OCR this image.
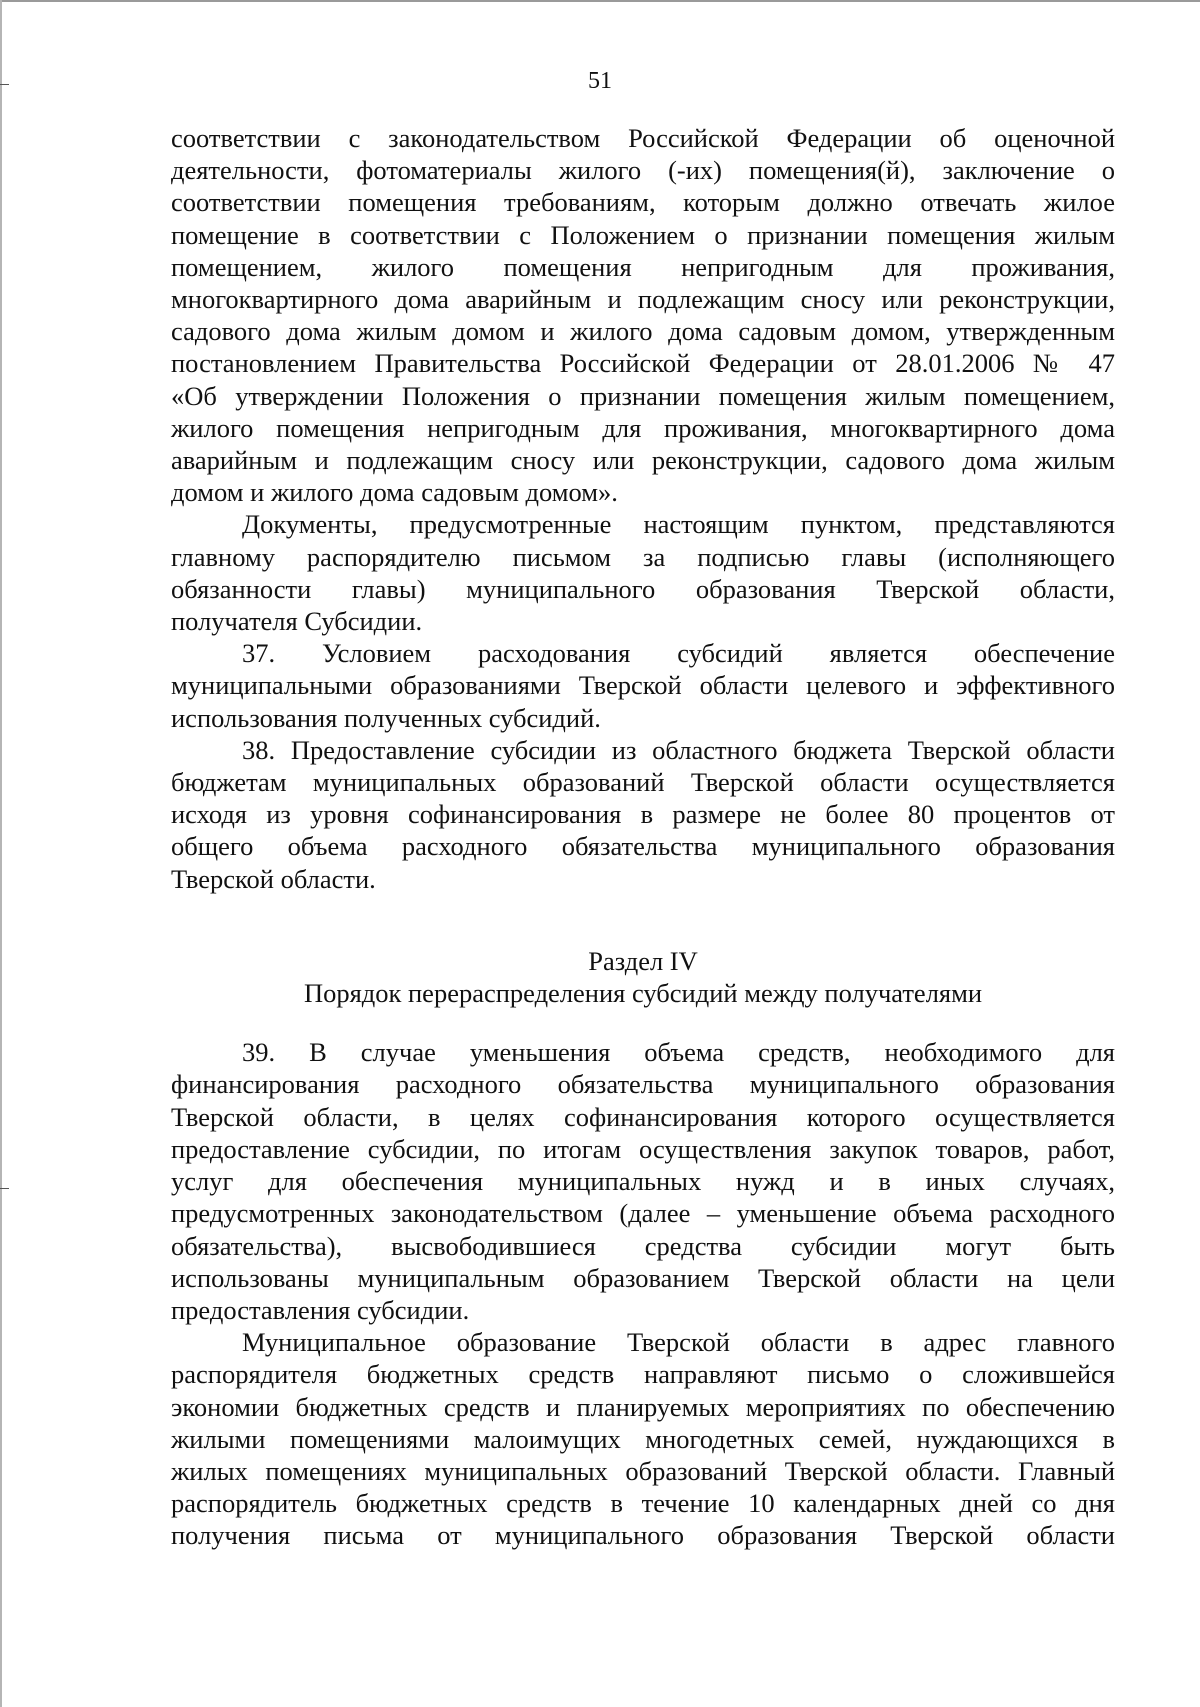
51

соответствии с законодательством Российской Федерации об оценочной
деятельности, фотоматериалы жилого (-их) помещения(й), заключение о
соответствии помещения требованиям, которым должно отвечать жилое
помещение в соответствии с Положением о признании помещения жилым
помещением, жилого помещения непригодным для проживания,
многоквартирного дома аварийным и подлежащим сносу или реконструкции,
садового дома жилым домом и жилого дома садовым домом, утвержденным
постановлением Правительства Российской Федерации от 28.01.2006 № 47
«Об утверждении Положения о признании помещения жилым помещением,
жилого помещения непригодным для проживания, многоквартирного дома
аварийным и подлежащим сносу или реконструкции, садового дома жилым
домом и жилого дома садовым домом».

Документы, предусмотренные настоящим пунктом, представляются
главному распорядителю письмом за подписью главы (исполняющего
обязанности главы) муниципального образования Тверской области,
получателя Субсидии.

37. Условием расходования субсидий является обеспечение
муниципальными образованиями Тверской области целевого и эффективного
использования полученных субсидий.

38. Предоставление субсидии из областного бюджета Тверской области
бюджетам муниципальных образований Тверской области осуществляется
исходя из уровня софинансирования в размере не более 80 процентов от
общего объема расходного обязательства муниципального образования
Тверской области.

Раздел IV

Порядок перераспределения субсидий между получателями

39. В случае уменьшения объема средств, необходимого для
финансирования расходного обязательства муниципального образования
Тверской области, в целях софинансирования которого осуществляется
предоставление субсидии, по итогам осуществления закупок товаров, работ,
услуг для обеспечения муниципальных нужд и в иных случаях,
предусмотренных законодательством (далее – уменьшение объема расходного
обязательства), высвободившиеся средства субсидии могут быть
использованы муниципальным образованием Тверской области на цели
предоставления субсидии.

Муниципальное образование Тверской области в адрес главного
распорядителя бюджетных средств направляют письмо о сложившейся
экономии бюджетных средств и планируемых мероприятиях по обеспечению
жилыми помещениями малоимущих многодетных семей, нуждающихся в
жилых помещениях муниципальных образований Тверской области. Главный
распорядитель бюджетных средств в течение 10 календарных дней со дня
получения письма от муниципального образования Тверской области
